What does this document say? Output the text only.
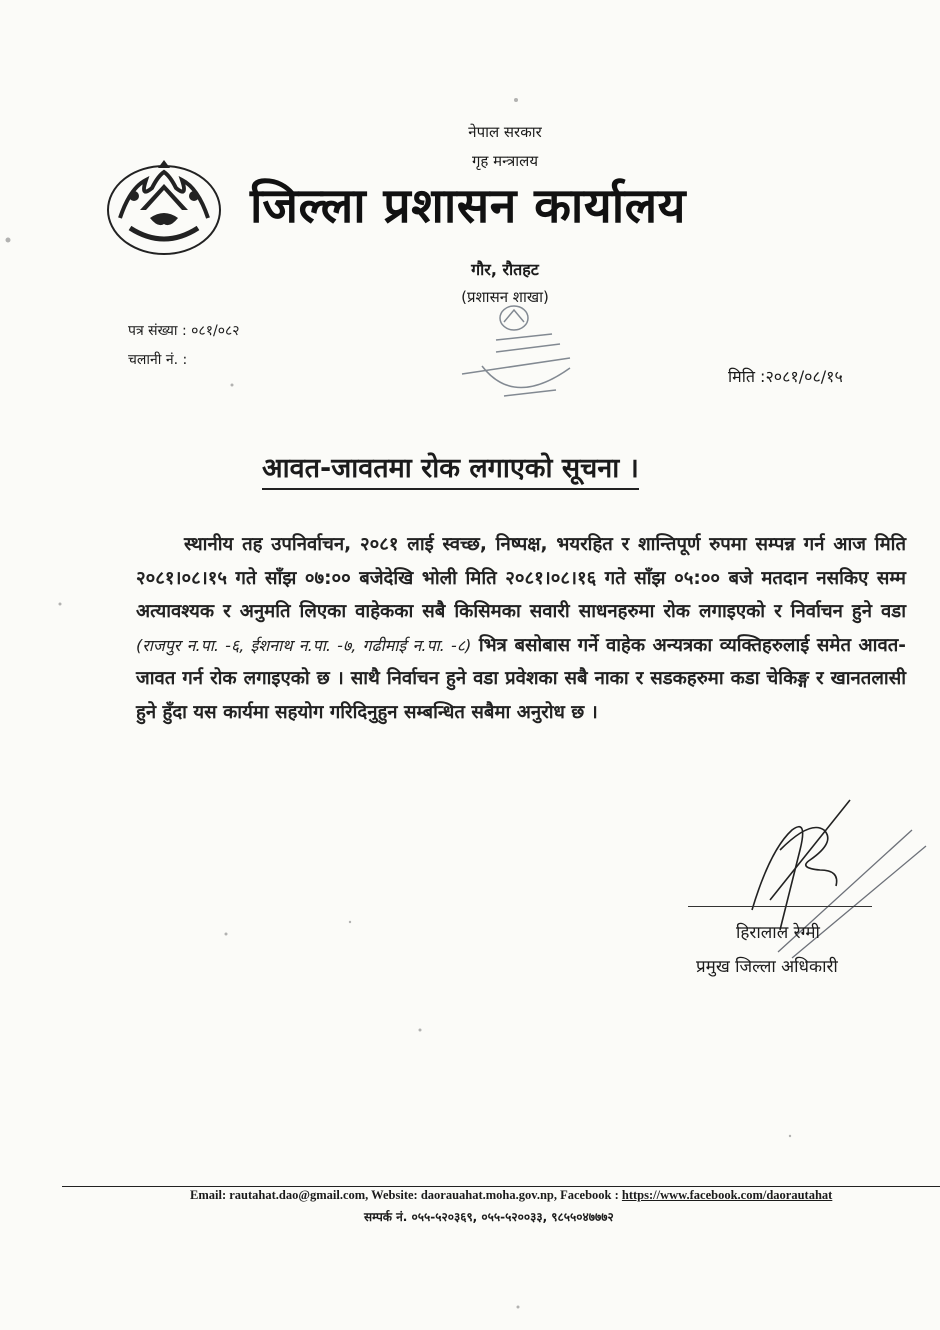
नेपाल सरकार
गृह मन्त्रालय
जिल्ला प्रशासन कार्यालय
गौर, रौतहट
(प्रशासन शाखा)
पत्र संख्या : ०८१/०८२
चलानी नं. :
मिति :२०८१/०८/१५
आवत-जावतमा रोक लगाएको सूचना ।
स्थानीय तह उपनिर्वाचन, २०८१ लाई स्वच्छ, निष्पक्ष, भयरहित र शान्तिपूर्ण रुपमा सम्पन्न गर्न आज मिति २०८१।०८।१५ गते साँझ ०७:०० बजेदेखि भोली मिति २०८१।०८।१६ गते साँझ ०५:०० बजे मतदान नसकिए सम्म अत्यावश्यक र अनुमति लिएका वाहेकका सबै किसिमका सवारी साधनहरुमा रोक लगाइएको र निर्वाचन हुने वडा (राजपुर न.पा. -६, ईशनाथ न.पा. -७, गढीमाई न.पा. -८) भित्र बसोबास गर्ने वाहेक अन्यत्रका व्यक्तिहरुलाई समेत आवत-जावत गर्न रोक लगाइएको छ । साथै निर्वाचन हुने वडा प्रवेशका सबै नाका र सडकहरुमा कडा चेकिङ्ग र खानतलासी हुने हुँदा यस कार्यमा सहयोग गरिदिनुहुन सम्बन्धित सबैमा अनुरोध छ ।
हिरालाल रेग्मी
प्रमुख जिल्ला अधिकारी
Email: rautahat.dao@gmail.com, Website: daorauahat.moha.gov.np, Facebook : https://www.facebook.com/daorautahat
सम्पर्क नं. ०५५-५२०३६९, ०५५-५२००३३, ९८५५०४७७७२
